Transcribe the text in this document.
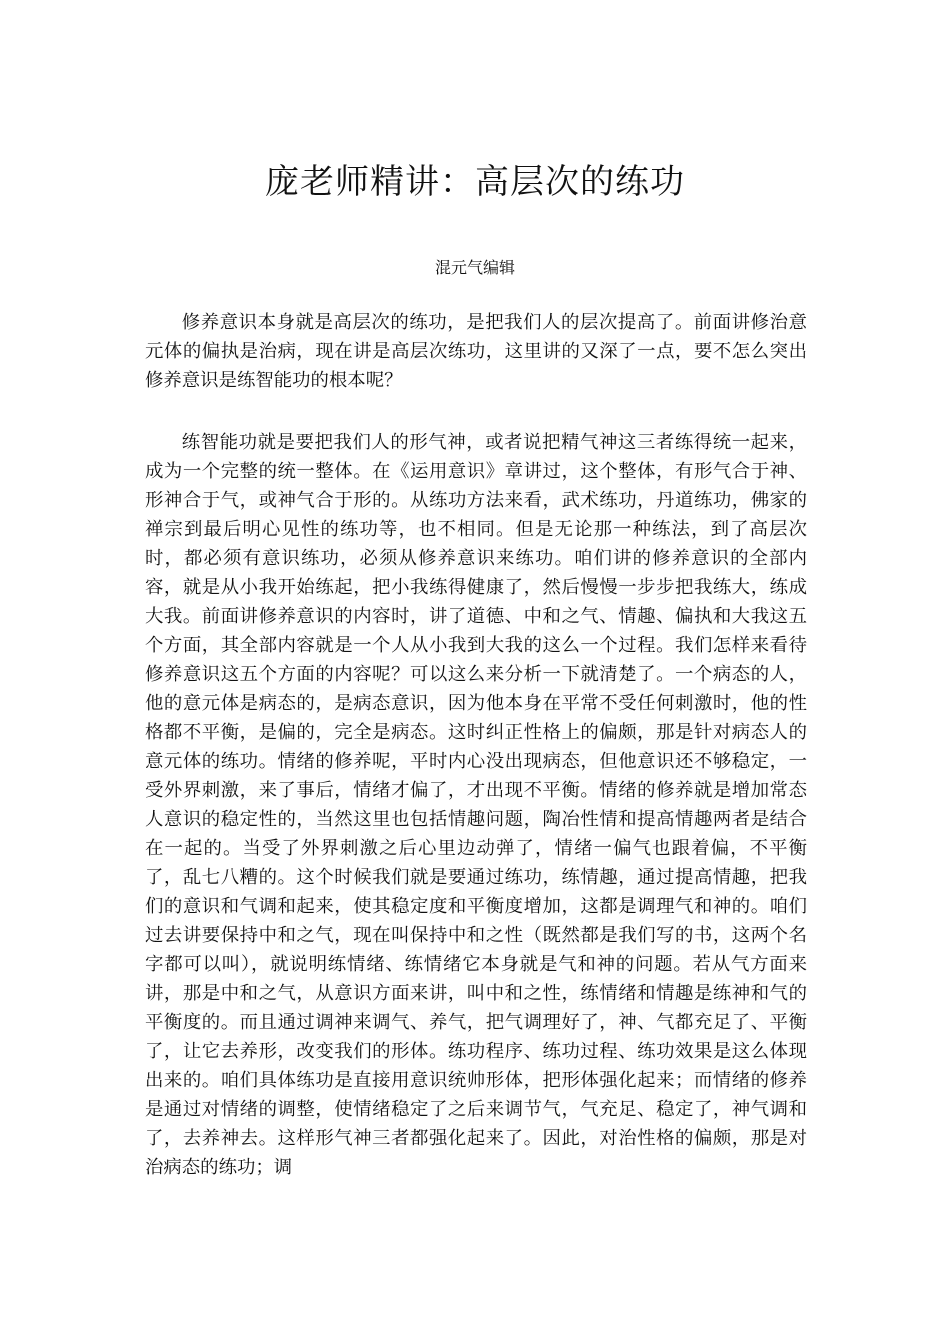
庞老师精讲：高层次的练功

混元气编辑

修养意识本身就是高层次的练功，是把我们人的层次提高了。前面讲修治意元体的偏执是治病，现在讲是高层次练功，这里讲的又深了一点，要不怎么突出修养意识是练智能功的根本呢？

练智能功就是要把我们人的形气神，或者说把精气神这三者练得统一起来，成为一个完整的统一整体。在《运用意识》章讲过，这个整体，有形气合于神、形神合于气，或神气合于形的。从练功方法来看，武术练功，丹道练功，佛家的禅宗到最后明心见性的练功等，也不相同。但是无论那一种练法，到了高层次时，都必须有意识练功，必须从修养意识来练功。咱们讲的修养意识的全部内容，就是从小我开始练起，把小我练得健康了，然后慢慢一步步把我练大，练成大我。前面讲修养意识的内容时，讲了道德、中和之气、情趣、偏执和大我这五个方面，其全部内容就是一个人从小我到大我的这么一个过程。我们怎样来看待修养意识这五个方面的内容呢？可以这么来分析一下就清楚了。一个病态的人，他的意元体是病态的，是病态意识，因为他本身在平常不受任何刺激时，他的性格都不平衡，是偏的，完全是病态。这时纠正性格上的偏颇，那是针对病态人的意元体的练功。情绪的修养呢，平时内心没出现病态，但他意识还不够稳定，一受外界刺激，来了事后，情绪才偏了，才出现不平衡。情绪的修养就是增加常态人意识的稳定性的，当然这里也包括情趣问题，陶冶性情和提高情趣两者是结合在一起的。当受了外界刺激之后心里边动弹了，情绪一偏气也跟着偏，不平衡了，乱七八糟的。这个时候我们就是要通过练功，练情趣，通过提高情趣，把我们的意识和气调和起来，使其稳定度和平衡度增加，这都是调理气和神的。咱们过去讲要保持中和之气，现在叫保持中和之性（既然都是我们写的书，这两个名字都可以叫），就说明练情绪、练情绪它本身就是气和神的问题。若从气方面来讲，那是中和之气，从意识方面来讲，叫中和之性，练情绪和情趣是练神和气的平衡度的。而且通过调神来调气、养气，把气调理好了，神、气都充足了、平衡了，让它去养形，改变我们的形体。练功程序、练功过程、练功效果是这么体现出来的。咱们具体练功是直接用意识统帅形体，把形体强化起来；而情绪的修养是通过对情绪的调整，使情绪稳定了之后来调节气，气充足、稳定了，神气调和了，去养神去。这样形气神三者都强化起来了。因此，对治性格的偏颇，那是对治病态的练功；调
